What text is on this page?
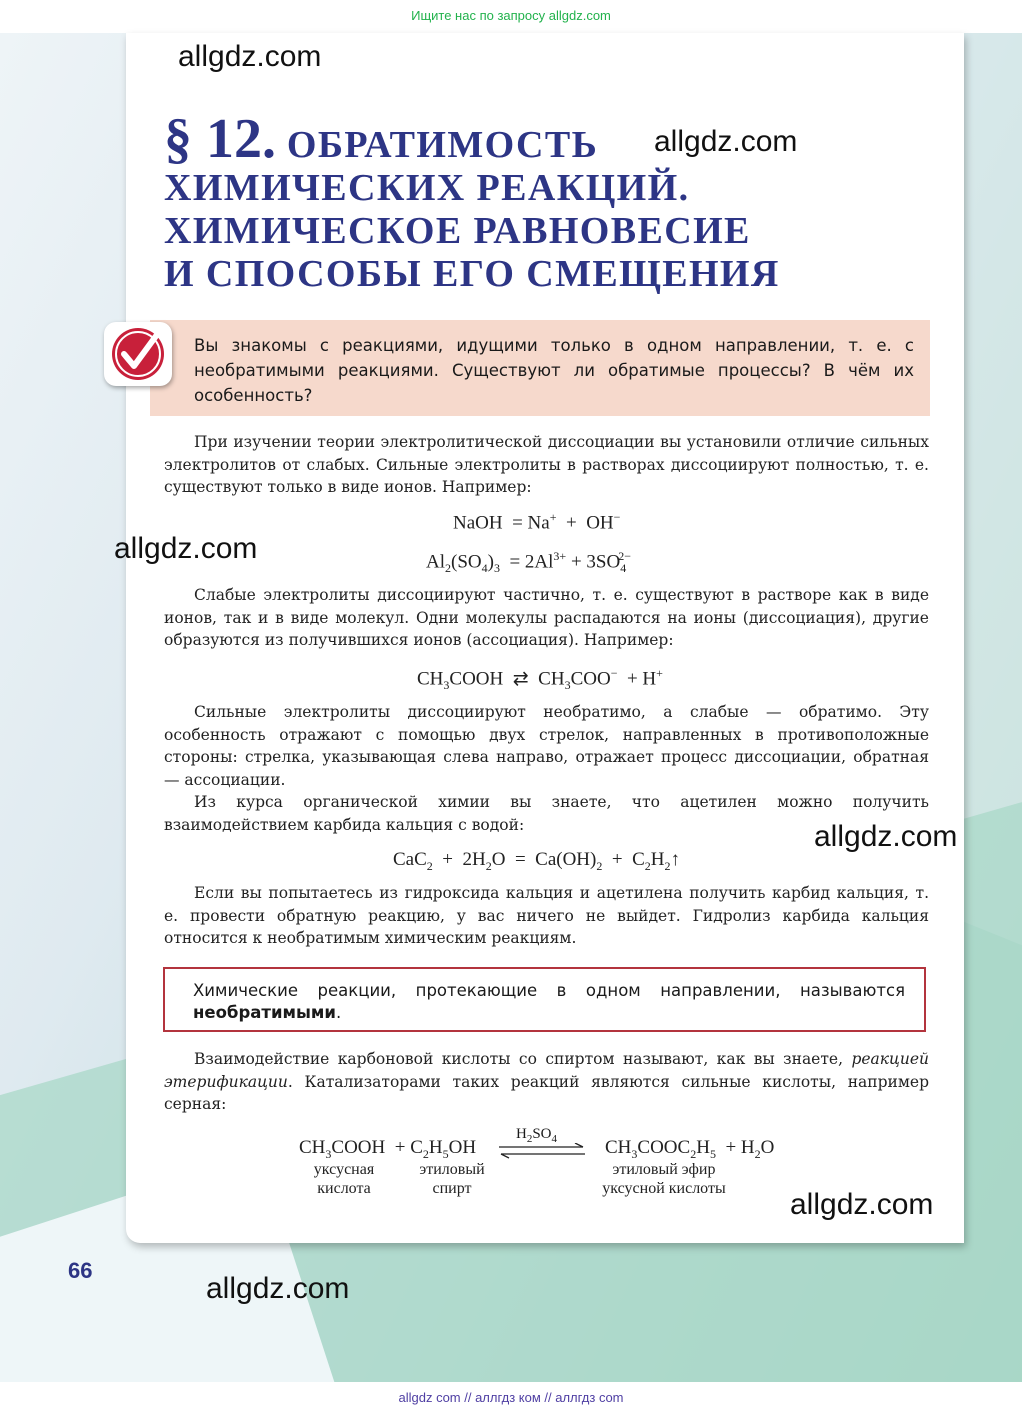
Ищите нас по запросу allgdz.com
§ 12. ОБРАТИМОСТЬ
ХИМИЧЕСКИХ РЕАКЦИЙ.
ХИМИЧЕСКОЕ РАВНОВЕСИЕ
И СПОСОБЫ ЕГО СМЕЩЕНИЯ
Вы знакомы с реакциями, идущими только в одном направлении, т. е. с необратимыми реакциями. Существуют ли обратимые процессы? В чём их особенность?
При изучении теории электролитической диссоциации вы установили отличие сильных электролитов от слабых. Сильные электролиты в растворах диссоциируют полностью, т. е. существуют только в виде ионов. Например:
NaOH  = Na+  +  OH−
$Al_2(SO_4)_3 = 2Al^{3+} + 3SO_4^{2-}$
Слабые электролиты диссоциируют частично, т. е. существуют в растворе как в виде ионов, так и в виде молекул. Одни молекулы распадаются на ионы (диссоциация), другие образуются из получившихся ионов (ассоциация). Например:
$CH_3COOH$  ⇄  $CH_3COO^- + H^+$
Сильные электролиты диссоциируют необратимо, а слабые — обратимо. Эту особенность отражают с помощью двух стрелок, направленных в противоположные стороны: стрелка, указывающая слева направо, отражает процесс диссоциации, обратная — ассоциации.
Из курса органической химии вы знаете, что ацетилен можно получить взаимодействием карбида кальция с водой:
$CaC_2 + 2H_2O = Ca(OH)_2$  +  $C_2H_2↑$
Если вы попытаетесь из гидроксида кальция и ацетилена получить карбид кальция, т. е. провести обратную реакцию, у вас ничего не выйдет. Гидролиз карбида кальция относится к необратимым химическим реакциям.
Химические реакции, протекающие в одном направлении, называются необратимыми.
Взаимодействие карбоновой кислоты со спиртом называют, как вы знаете, реакцией этерификации. Катализаторами таких реакций являются сильные кислоты, например серная:
$CH_3COOH + C_2H_5OH$
$H_2SO_4$	$CH_3COOC_2H_5 + H_2O$
уксусная
кислота
этиловый
спирт
этиловый эфир
уксусной кислоты
66
allgdz.com
allgdz.com
allgdz.com
allgdz.com
allgdz.com
allgdz.com
allgdz com // аллгдз ком // аллгдз com
